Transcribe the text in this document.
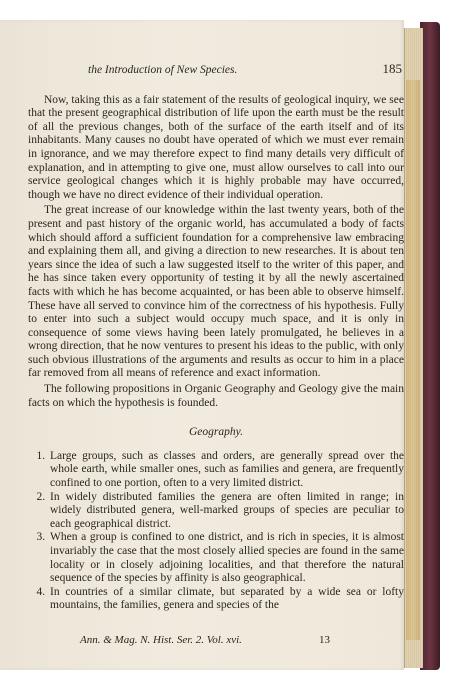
the Introduction of New Species.	185

Now, taking this as a fair statement of the results of geological inquiry, we see that the present geographical distribution of life upon the earth must be the result of all the previous changes, both of the surface of the earth itself and of its inhabitants. Many causes no doubt have operated of which we must ever remain in ignorance, and we may therefore expect to find many details very difficult of explanation, and in attempting to give one, must allow ourselves to call into our service geological changes which it is highly probable may have occurred, though we have no direct evidence of their individual operation.

The great increase of our knowledge within the last twenty years, both of the present and past history of the organic world, has accumulated a body of facts which should afford a sufficient foundation for a comprehensive law embracing and explaining them all, and giving a direction to new researches. It is about ten years since the idea of such a law suggested itself to the writer of this paper, and he has since taken every opportunity of testing it by all the newly ascertained facts with which he has become acquainted, or has been able to observe himself. These have all served to convince him of the correctness of his hypothesis. Fully to enter into such a subject would occupy much space, and it is only in consequence of some views having been lately promulgated, he believes in a wrong direction, that he now ventures to present his ideas to the public, with only such obvious illustrations of the arguments and results as occur to him in a place far removed from all means of reference and exact information.

The following propositions in Organic Geography and Geology give the main facts on which the hypothesis is founded.

Geography.
1. Large groups, such as classes and orders, are generally spread over the whole earth, while smaller ones, such as families and genera, are frequently confined to one portion, often to a very limited district.
2. In widely distributed families the genera are often limited in range; in widely distributed genera, well-marked groups of species are peculiar to each geographical district.
3. When a group is confined to one district, and is rich in species, it is almost invariably the case that the most closely allied species are found in the same locality or in closely adjoining localities, and that therefore the natural sequence of the species by affinity is also geographical.
4. In countries of a similar climate, but separated by a wide sea or lofty mountains, the families, genera and species of the
Ann. & Mag. N. Hist. Ser. 2. Vol. xvi.	13
